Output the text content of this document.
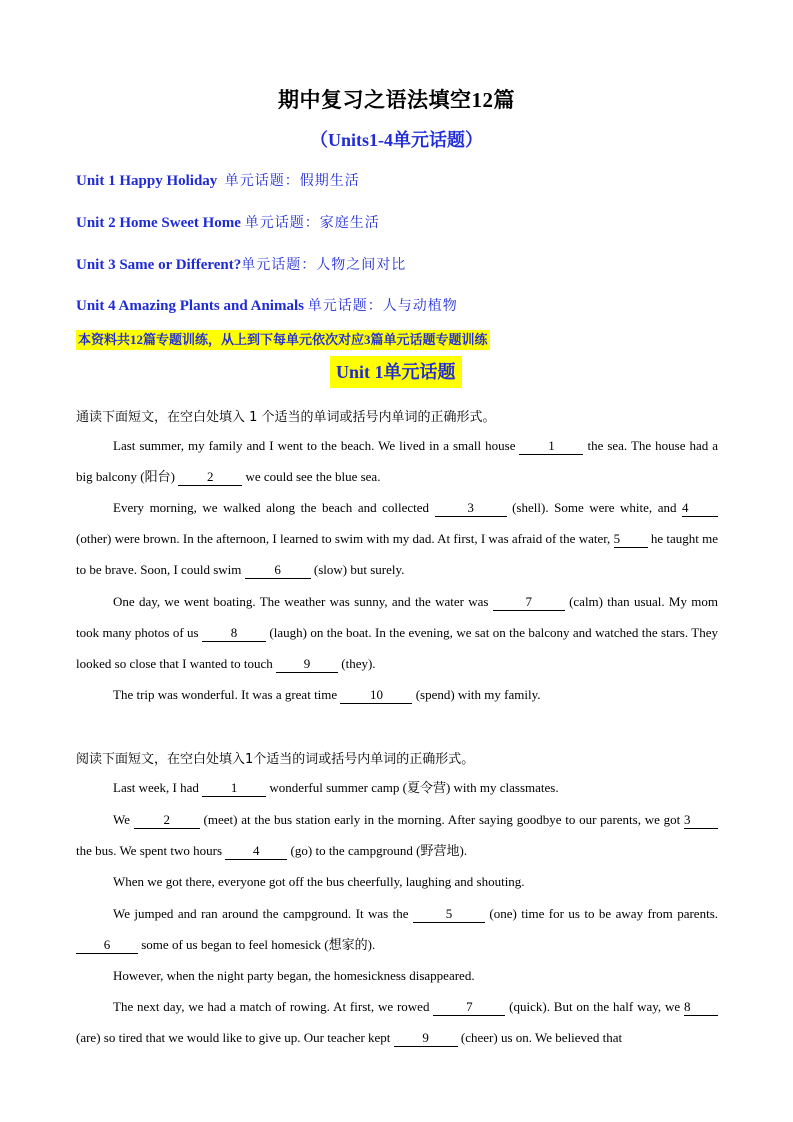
期中复习之语法填空12篇
（Units1-4单元话题）
Unit 1 Happy Holiday 单元话题：假期生活
Unit 2 Home Sweet Home 单元话题：家庭生活
Unit 3 Same or Different?单元话题：人物之间对比
Unit 4 Amazing Plants and Animals 单元话题：人与动植物
本资料共12篇专题训练，从上到下每单元依次对应3篇单元话题专题训练
Unit 1单元话题
通读下面短文，在空白处填入 1 个适当的单词或括号内单词的正确形式。

Last summer, my family and I went to the beach. We lived in a small house 1 the sea. The house had a big balcony (阳台) 2 we could see the blue sea.

Every morning, we walked along the beach and collected	3	(shell). Some were white, and 4 (other) were brown. In the afternoon, I learned to swim with my dad. At first, I was afraid of the water, 5 he taught me to be brave. Soon, I could swim 6 (slow) but surely.

One day, we went boating. The weather was sunny, and the water was	7	(calm) than usual. My mom took many photos of us 8 (laugh) on the boat. In the evening, we sat on the balcony and watched the stars. They looked so close that I wanted to touch 9 (they).

The trip was wonderful. It was a great time 10 (spend) with my family.

阅读下面短文，在空白处填入1个适当的词或括号内单词的正确形式。

Last week, I had 1 wonderful summer camp (夏令营) with my classmates.

We 2 (meet) at the bus station early in the morning. After saying goodbye to our parents, we got 3 the bus. We spent two hours 4 (go) to the campground (野营地).

When we got there, everyone got off the bus cheerfully, laughing and shouting.

We jumped and ran around the campground. It was the	5	(one) time for us to be away from parents. 6 some of us began to feel homesick (想家的).

However, when the night party began, the homesickness disappeared.

The next day, we had a match of rowing. At first, we rowed	7	(quick). But on the half way, we 8 (are) so tired that we would like to give up. Our teacher kept 9 (cheer) us on. We believed that
